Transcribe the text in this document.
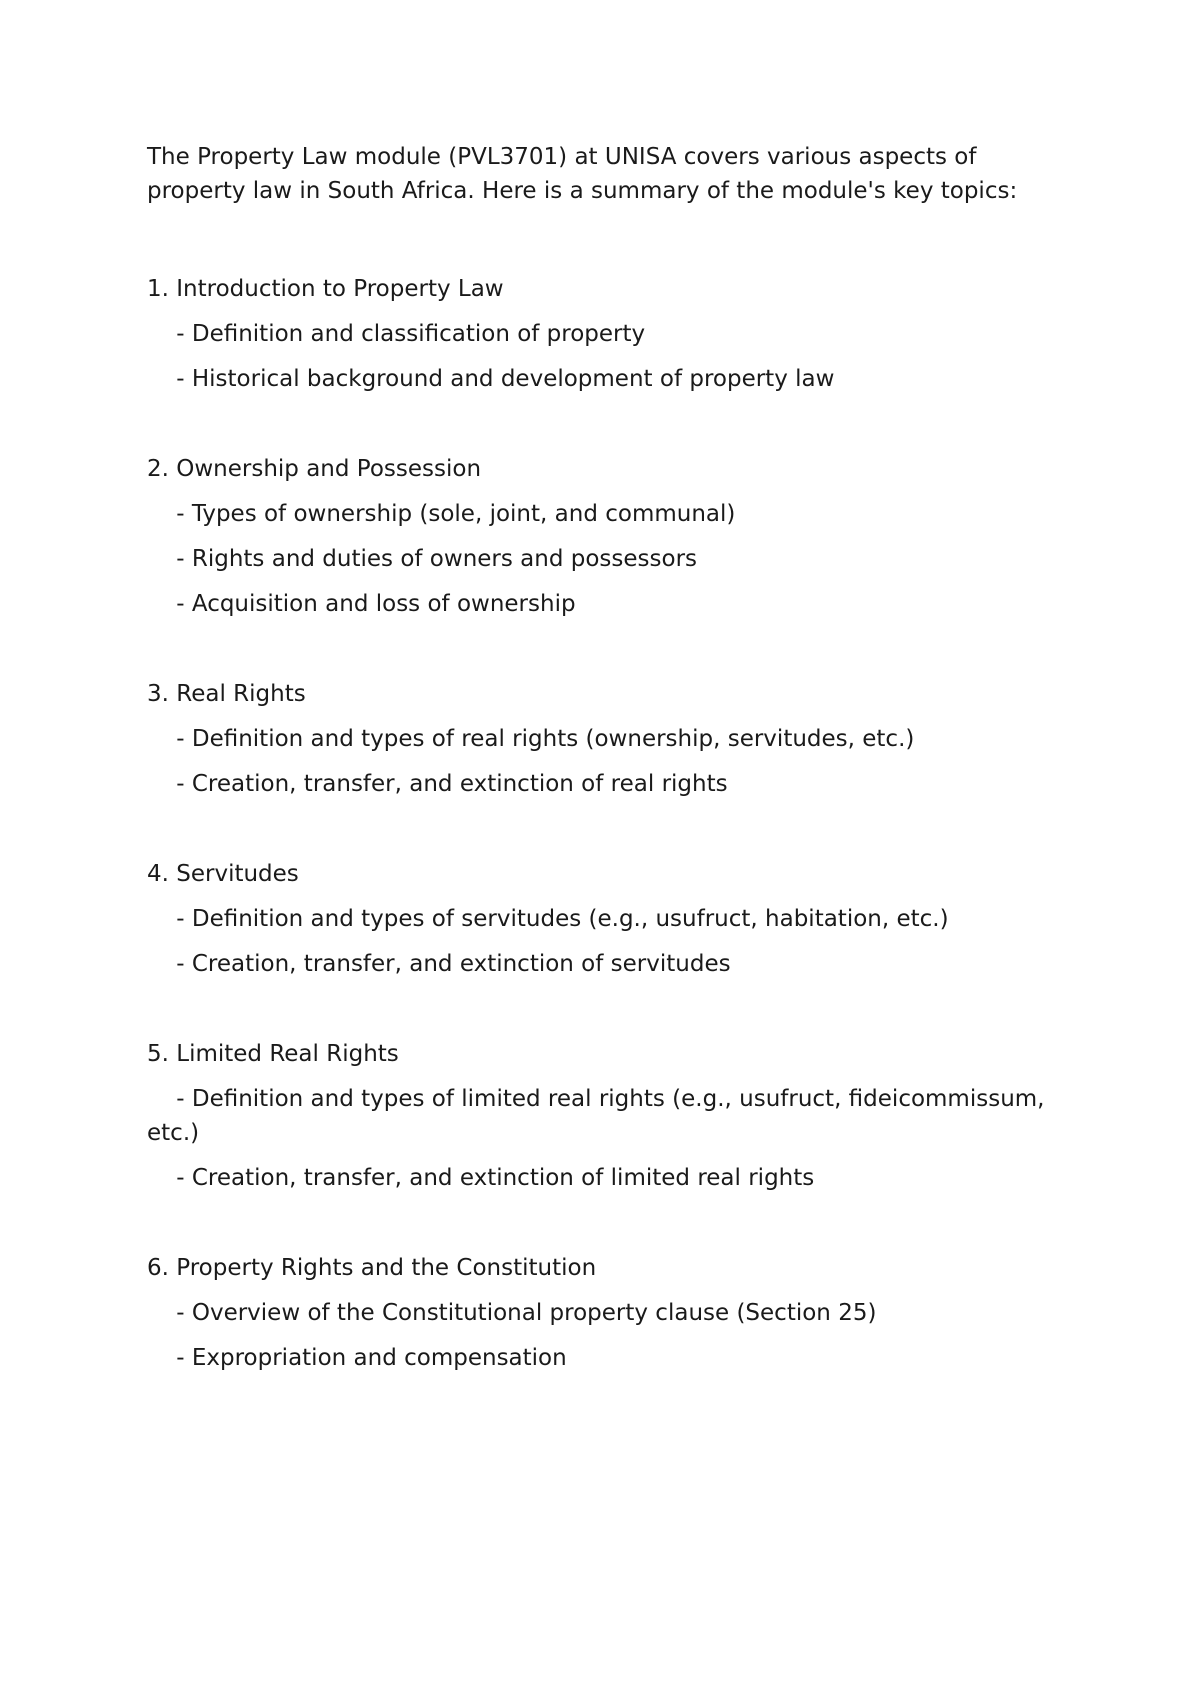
The Property Law module (PVL3701) at UNISA covers various aspects of property law in South Africa. Here is a summary of the module's key topics:

1. Introduction to Property Law

- Definition and classification of property

- Historical background and development of property law

2. Ownership and Possession

- Types of ownership (sole, joint, and communal)

- Rights and duties of owners and possessors

- Acquisition and loss of ownership

3. Real Rights

- Definition and types of real rights (ownership, servitudes, etc.)

- Creation, transfer, and extinction of real rights

4. Servitudes

- Definition and types of servitudes (e.g., usufruct, habitation, etc.)

- Creation, transfer, and extinction of servitudes

5. Limited Real Rights

- Definition and types of limited real rights (e.g., usufruct, fideicommissum, etc.)

- Creation, transfer, and extinction of limited real rights

6. Property Rights and the Constitution

- Overview of the Constitutional property clause (Section 25)

- Expropriation and compensation
